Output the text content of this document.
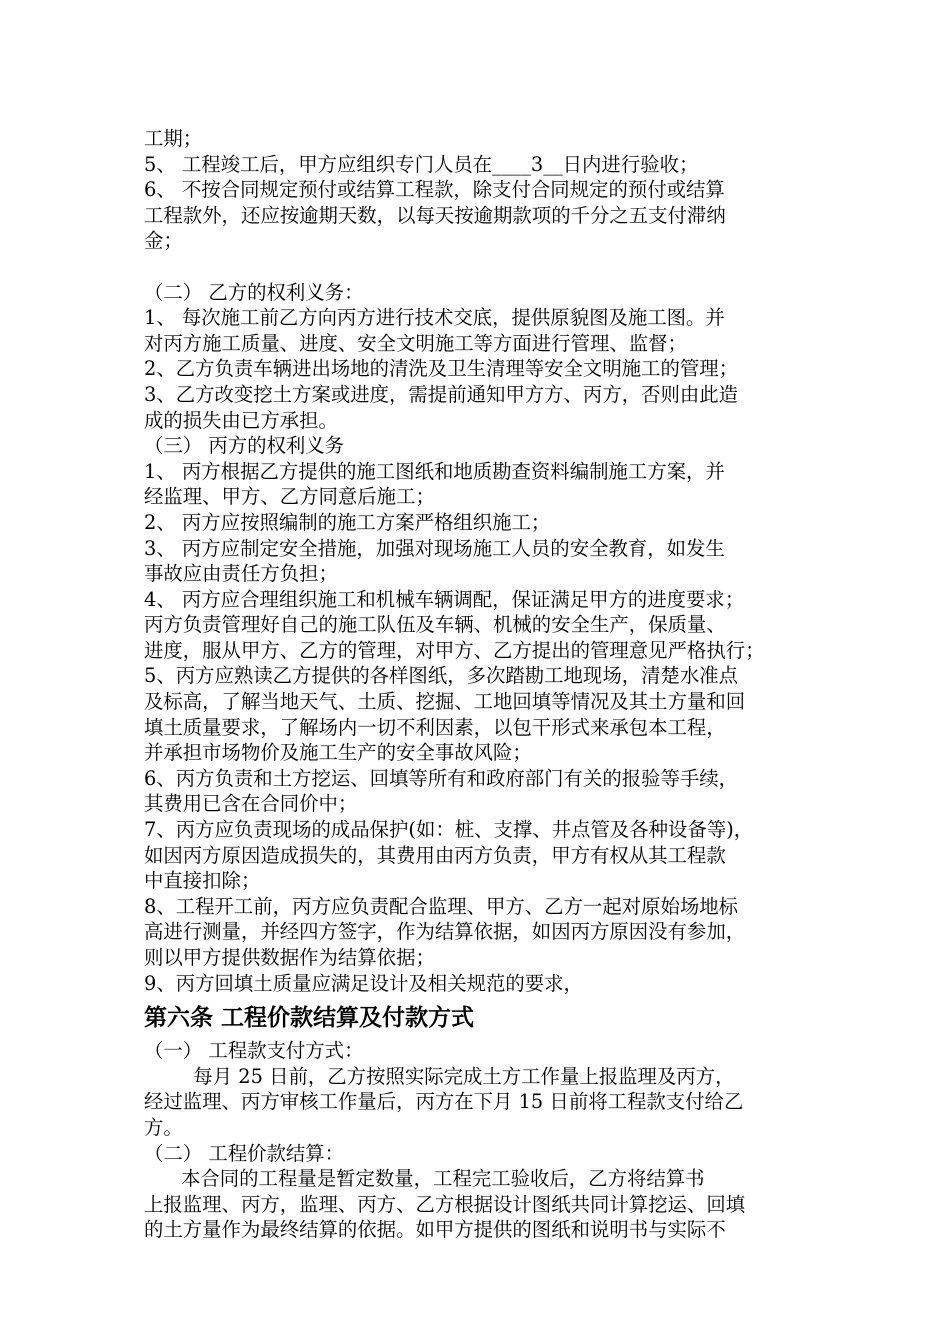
工期；
5、 工程竣工后，甲方应组织专门人员在____3__日内进行验收；
6、 不按合同规定预付或结算工程款，除支付合同规定的预付或结算
工程款外，还应按逾期天数，以每天按逾期款项的千分之五支付滞纳
金；
（二） 乙方的权利义务：
1、 每次施工前乙方向丙方进行技术交底，提供原貌图及施工图。并
对丙方施工质量、进度、安全文明施工等方面进行管理、监督；
2、乙方负责车辆进出场地的清洗及卫生清理等安全文明施工的管理；
3、乙方改变挖土方案或进度，需提前通知甲方方、丙方，否则由此造
成的损失由已方承担。
（三） 丙方的权利义务
1、 丙方根据乙方提供的施工图纸和地质勘查资料编制施工方案，并
经监理、甲方、乙方同意后施工；
2、 丙方应按照编制的施工方案严格组织施工；
3、 丙方应制定安全措施，加强对现场施工人员的安全教育，如发生
事故应由责任方负担；
4、 丙方应合理组织施工和机械车辆调配，保证满足甲方的进度要求；
丙方负责管理好自己的施工队伍及车辆、机械的安全生产，保质量、
进度，服从甲方、乙方的管理，对甲方、乙方提出的管理意见严格执行；
5、丙方应熟读乙方提供的各样图纸，多次踏勘工地现场，清楚水准点
及标高，了解当地天气、土质、挖掘、工地回填等情况及其土方量和回
填土质量要求，了解场内一切不利因素，以包干形式来承包本工程，
并承担市场物价及施工生产的安全事故风险；
6、丙方负责和土方挖运、回填等所有和政府部门有关的报验等手续，
其费用已含在合同价中；
7、丙方应负责现场的成品保护(如：桩、支撑、井点管及各种设备等)，
如因丙方原因造成损失的，其费用由丙方负责，甲方有权从其工程款
中直接扣除；
8、工程开工前，丙方应负责配合监理、甲方、乙方一起对原始场地标
高进行测量，并经四方签字，作为结算依据，如因丙方原因没有参加，
则以甲方提供数据作为结算依据；
9、丙方回填土质量应满足设计及相关规范的要求，
第六条 工程价款结算及付款方式
（一） 工程款支付方式：
每月 25 日前，乙方按照实际完成土方工作量上报监理及丙方，
经过监理、丙方审核工作量后，丙方在下月 15 日前将工程款支付给乙
方。
（二） 工程价款结算：
本合同的工程量是暂定数量，工程完工验收后，乙方将结算书
上报监理、丙方，监理、丙方、乙方根据设计图纸共同计算挖运、回填
的土方量作为最终结算的依据。如甲方提供的图纸和说明书与实际不
